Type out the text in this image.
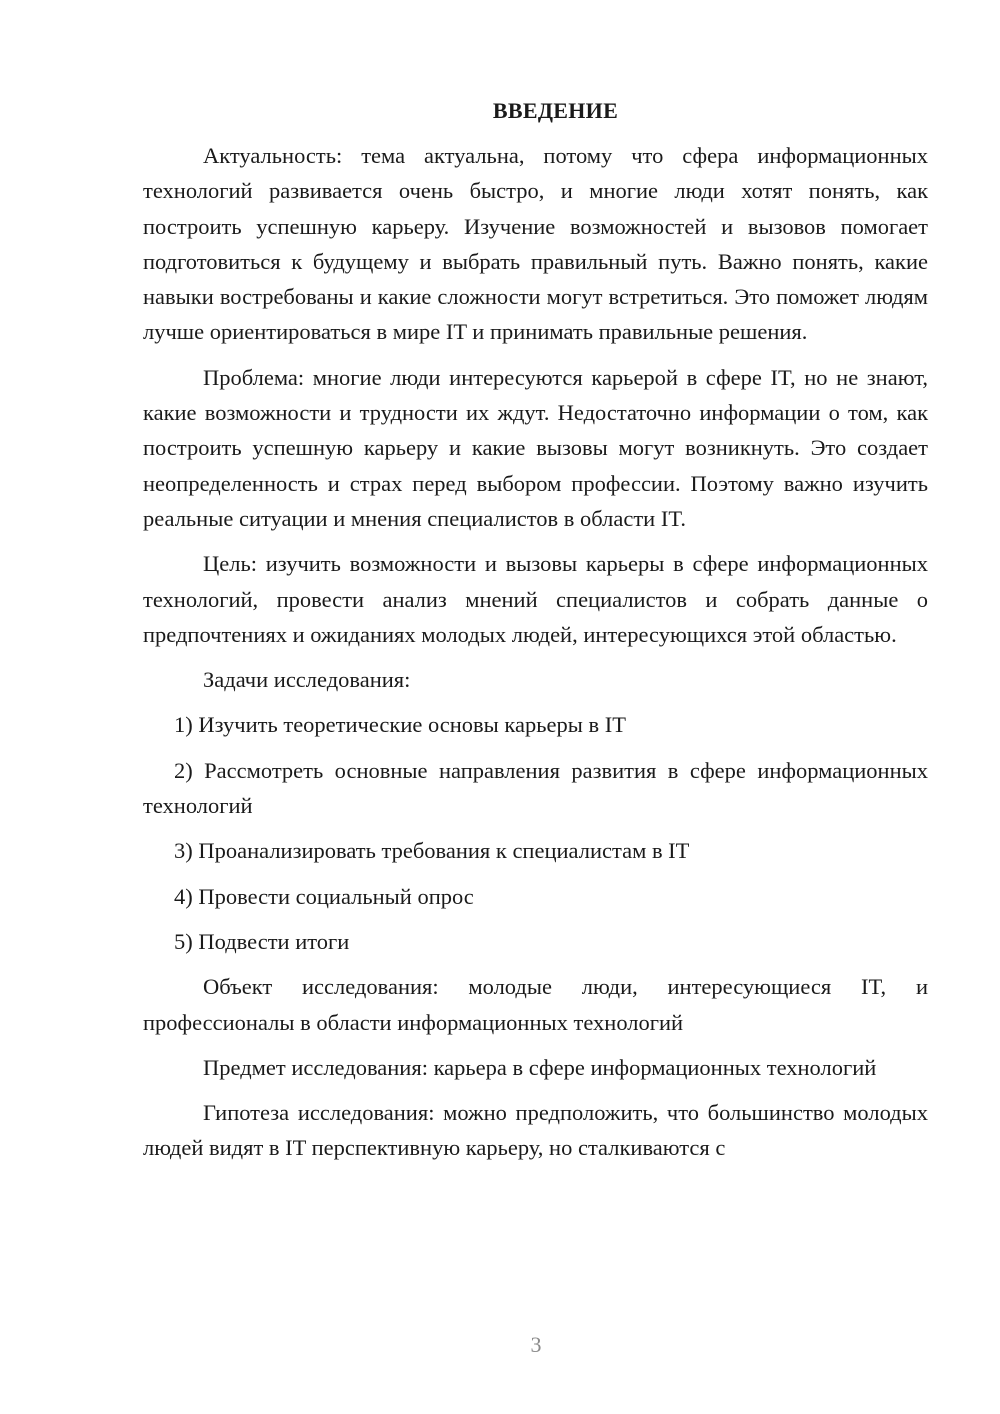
ВВЕДЕНИЕ

Актуальность: тема актуальна, потому что сфера информационных технологий развивается очень быстро, и многие люди хотят понять, как построить успешную карьеру. Изучение возможностей и вызовов помогает подготовиться к будущему и выбрать правильный путь. Важно понять, какие навыки востребованы и какие сложности могут встретиться. Это поможет людям лучше ориентироваться в мире IT и принимать правильные решения.

Проблема: многие люди интересуются карьерой в сфере IT, но не знают, какие возможности и трудности их ждут. Недостаточно информации о том, как построить успешную карьеру и какие вызовы могут возникнуть. Это создает неопределенность и страх перед выбором профессии. Поэтому важно изучить реальные ситуации и мнения специалистов в области IT.

Цель: изучить возможности и вызовы карьеры в сфере информационных технологий, провести анализ мнений специалистов и собрать данные о предпочтениях и ожиданиях молодых людей, интересующихся этой областью.

Задачи исследования:

1) Изучить теоретические основы карьеры в IT

2) Рассмотреть основные направления развития в сфере информационных технологий

3) Проанализировать требования к специалистам в IT

4) Провести социальный опрос

5) Подвести итоги

Объект исследования: молодые люди, интересующиеся IT, и профессионалы в области информационных технологий

Предмет исследования: карьера в сфере информационных технологий

Гипотеза исследования: можно предположить, что большинство молодых людей видят в IT перспективную карьеру, но сталкиваются с

3
